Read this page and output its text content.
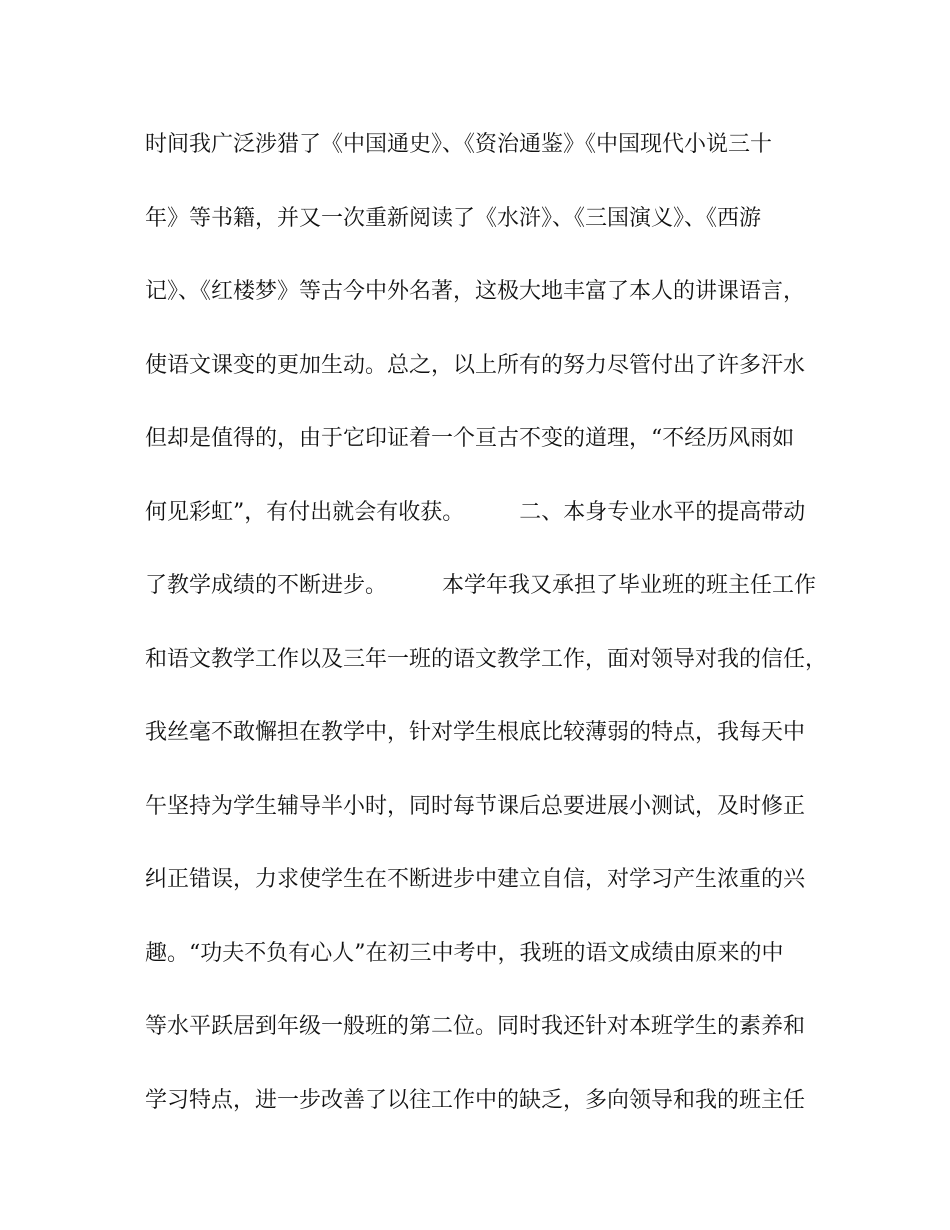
时间我广泛涉猎了《中国通史》、《资治通鉴》《中国现代小说三十
年》等书籍，并又一次重新阅读了《水浒》、《三国演义》、《西游
记》、《红楼梦》等古今中外名著，这极大地丰富了本人的讲课语言，
使语文课变的更加生动。总之，以上所有的努力尽管付出了许多汗水
但却是值得的，由于它印证着一个亘古不变的道理，“不经历风雨如
何见彩虹”，有付出就会有收获。　　　二、本身专业水平的提高带动
了教学成绩的不断进步。　　　本学年我又承担了毕业班的班主任工作
和语文教学工作以及三年一班的语文教学工作，面对领导对我的信任，
我丝毫不敢懈担在教学中，针对学生根底比较薄弱的特点，我每天中
午坚持为学生辅导半小时，同时每节课后总要进展小测试，及时修正
纠正错误，力求使学生在不断进步中建立自信，对学习产生浓重的兴
趣。“功夫不负有心人”在初三中考中，我班的语文成绩由原来的中
等水平跃居到年级一般班的第二位。同时我还针对本班学生的素养和
学习特点，进一步改善了以往工作中的缺乏，多向领导和我的班主任
